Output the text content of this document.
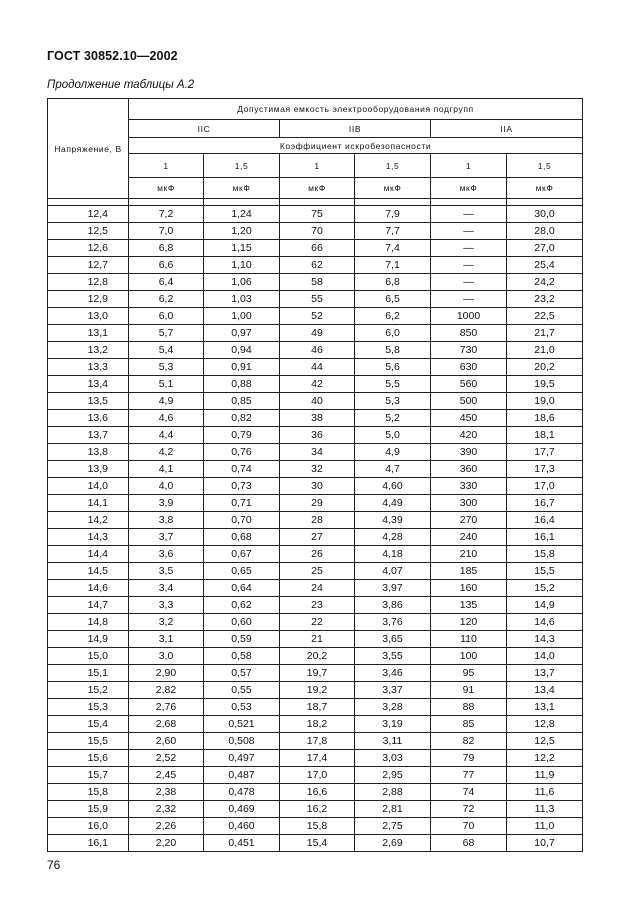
ГОСТ 30852.10—2002
Продолжение таблицы А.2
Напряжение, В	Допустимая емкость электрооборудования подгрупп					
	IIC		IIB		IIA	
	Коэффициент искробезопасности					
	1	1,5	1	1,5	1	1,5
	мкФ	мкФ	мкФ	мкФ	мкФ	мкФ

12,4	7,2	1,24	75	7,9	—	30,0
12,5	7,0	1,20	70	7,7	—	28,0
12,6	6,8	1,15	66	7,4	—	27,0
12,7	6,6	1,10	62	7,1	—	25,4
12,8	6,4	1,06	58	6,8	—	24,2
12,9	6,2	1,03	55	6,5	—	23,2
13,0	6,0	1,00	52	6,2	1000	22,5
13,1	5,7	0,97	49	6,0	850	21,7
13,2	5,4	0,94	46	5,8	730	21,0
13,3	5,3	0,91	44	5,6	630	20,2
13,4	5,1	0,88	42	5,5	560	19,5
13,5	4,9	0,85	40	5,3	500	19,0
13,6	4,6	0,82	38	5,2	450	18,6
13,7	4,4	0,79	36	5,0	420	18,1
13,8	4,2	0,76	34	4,9	390	17,7
13,9	4,1	0,74	32	4,7	360	17,3
14,0	4,0	0,73	30	4,60	330	17,0
14,1	3,9	0,71	29	4,49	300	16,7
14,2	3,8	0,70	28	4,39	270	16,4
14,3	3,7	0,68	27	4,28	240	16,1
14,4	3,6	0,67	26	4,18	210	15,8
14,5	3,5	0,65	25	4,07	185	15,5
14,6	3,4	0,64	24	3,97	160	15,2
14,7	3,3	0,62	23	3,86	135	14,9
14,8	3,2	0,60	22	3,76	120	14,6
14,9	3,1	0,59	21	3,65	110	14,3
15,0	3,0	0,58	20,2	3,55	100	14,0
15,1	2,90	0,57	19,7	3,46	95	13,7
15,2	2,82	0,55	19,2	3,37	91	13,4
15,3	2,76	0,53	18,7	3,28	88	13,1
15,4	2,68	0,521	18,2	3,19	85	12,8
15,5	2,60	0,508	17,8	3,11	82	12,5
15,6	2,52	0,497	17,4	3,03	79	12,2
15,7	2,45	0,487	17,0	2,95	77	11,9
15,8	2,38	0,478	16,6	2,88	74	11,6
15,9	2,32	0,469	16,2	2,81	72	11,3
16,0	2,26	0,460	15,8	2,75	70	11,0
16,1	2,20	0,451	15,4	2,69	68	10,7
76
